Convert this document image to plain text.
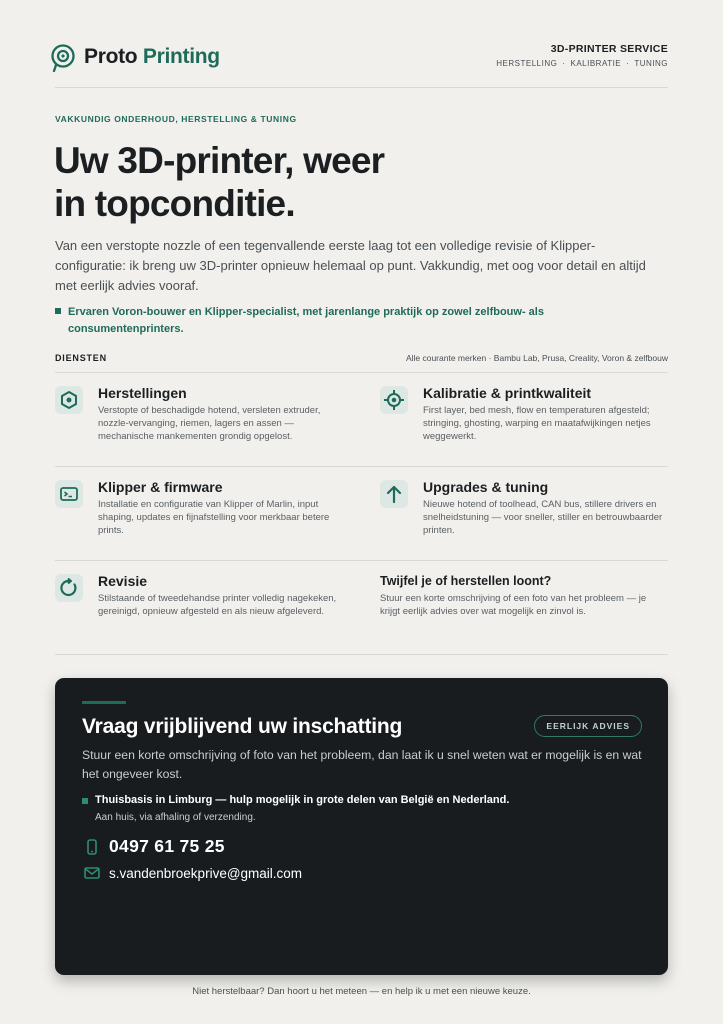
Proto Printing	3D-PRINTER SERVICE
HERSTELLING · KALIBRATIE · TUNING
VAKKUNDIG ONDERHOUD, HERSTELLING & TUNING
Uw 3D-printer, weer
in topconditie.
Van een verstopte nozzle of een tegenvallende eerste laag tot een volledige revisie of Klipper-configuratie: ik breng uw 3D-printer opnieuw helemaal op punt. Vakkundig, met oog voor detail en altijd met eerlijk advies vooraf.
Ervaren Voron-bouwer en Klipper-specialist, met jarenlange praktijk op zowel zelfbouw- als consumentenprinters.
DIENSTEN	Alle courante merken · Bambu Lab, Prusa, Creality, Voron & zelfbouw
Herstellingen
Verstopte of beschadigde hotend, versleten extruder, nozzle-vervanging, riemen, lagers en assen — mechanische mankementen grondig opgelost.
Kalibratie & printkwaliteit
First layer, bed mesh, flow en temperaturen afgesteld; stringing, ghosting, warping en maatafwijkingen netjes weggewerkt.
Klipper & firmware
Installatie en configuratie van Klipper of Marlin, input shaping, updates en fijnafstelling voor merkbaar betere prints.
Upgrades & tuning
Nieuwe hotend of toolhead, CAN bus, stillere drivers en snelheidstuning — voor sneller, stiller en betrouwbaarder printen.
Revisie
Stilstaande of tweedehandse printer volledig nagekeken, gereinigd, opnieuw afgesteld en als nieuw afgeleverd.
Twijfel je of herstellen loont?
Stuur een korte omschrijving of een foto van het probleem — je krijgt eerlijk advies over wat mogelijk en zinvol is.
Vraag vrijblijvend uw inschatting	EERLIJK ADVIES
Stuur een korte omschrijving of foto van het probleem, dan laat ik u snel weten wat er mogelijk is en wat het ongeveer kost.
Thuisbasis in Limburg — hulp mogelijk in grote delen van België en Nederland.
Aan huis, via afhaling of verzending.
0497 61 75 25
s.vandenbroekprive@gmail.com
Niet herstelbaar? Dan hoort u het meteen — en help ik u met een nieuwe keuze.
